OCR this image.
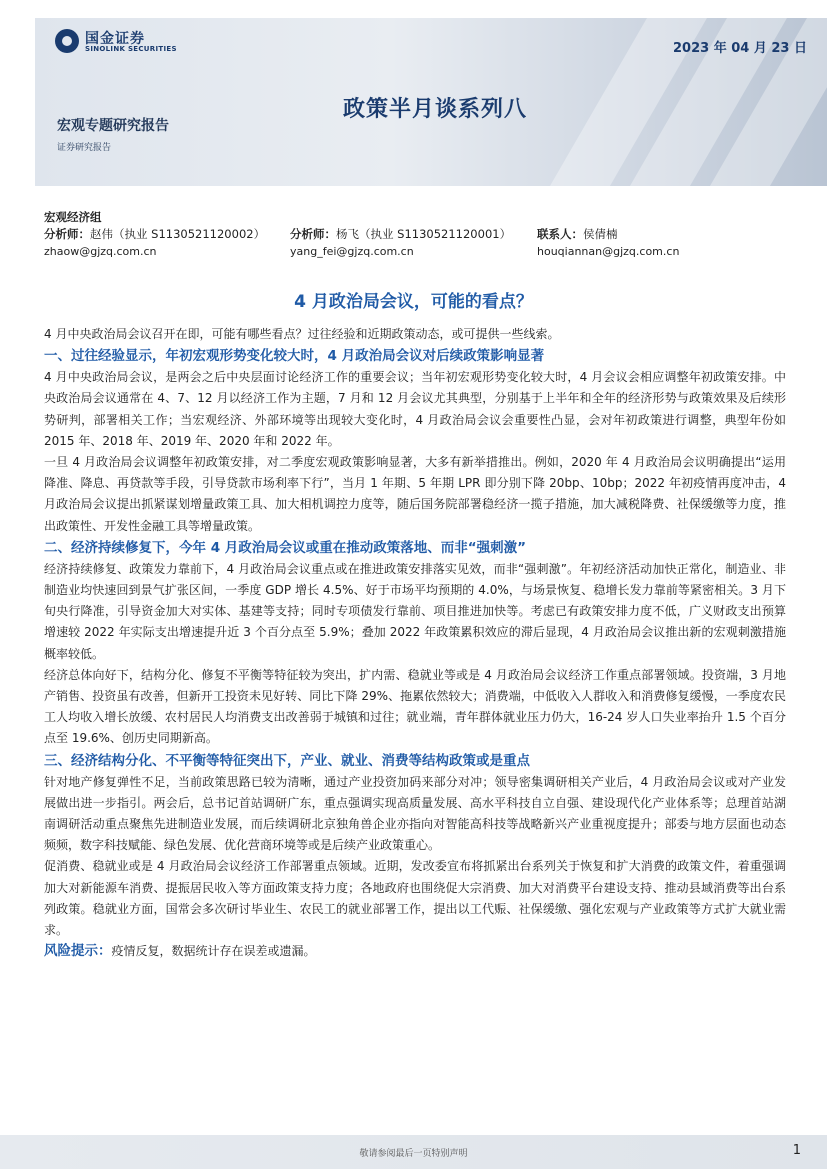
国金证券
SINOLINK SECURITIES	2023 年 04 月 23 日
政策半月谈系列八
宏观专题研究报告
证券研究报告
宏观经济组
分析师：赵伟（执业 S1130521120002） 分析师：杨飞（执业 S1130521120001） 联系人：侯倩楠
zhaow@gjzq.com.cn	yang_fei@gjzq.com.cn	houqiannan@gjzq.com.cn
4 月政治局会议，可能的看点？

4 月中央政治局会议召开在即，可能有哪些看点？过往经验和近期政策动态，或可提供一些线索。

一、过往经验显示，年初宏观形势变化较大时，4 月政治局会议对后续政策影响显著

4 月中央政治局会议，是两会之后中央层面讨论经济工作的重要会议；当年初宏观形势变化较大时，4 月会议会相应调整年初政策安排。中央政治局会议通常在 4、7、12 月以经济工作为主题，7 月和 12 月会议尤其典型，分别基于上半年和全年的经济形势与政策效果及后续形势研判，部署相关工作；当宏观经济、外部环境等出现较大变化时，4 月政治局会议会重要性凸显，会对年初政策进行调整，典型年份如 2015 年、2018 年、2019 年、2020 年和 2022 年。

一旦 4 月政治局会议调整年初政策安排，对二季度宏观政策影响显著，大多有新举措推出。例如，2020 年 4 月政治局会议明确提出“运用降准、降息、再贷款等手段，引导贷款市场利率下行”，当月 1 年期、5 年期 LPR 即分别下降 20bp、10bp；2022 年初疫情再度冲击，4 月政治局会议提出抓紧谋划增量政策工具、加大相机调控力度等，随后国务院部署稳经济一揽子措施，加大减税降费、社保缓缴等力度，推出政策性、开发性金融工具等增量政策。

二、经济持续修复下，今年 4 月政治局会议或重在推动政策落地、而非“强刺激”

经济持续修复、政策发力靠前下，4 月政治局会议重点或在推进政策安排落实见效，而非“强刺激”。年初经济活动加快正常化，制造业、非制造业均快速回到景气扩张区间，一季度 GDP 增长 4.5%、好于市场平均预期的 4.0%，与场景恢复、稳增长发力靠前等紧密相关。3 月下旬央行降准，引导资金加大对实体、基建等支持；同时专项债发行靠前、项目推进加快等。考虑已有政策安排力度不低，广义财政支出预算增速较 2022 年实际支出增速提升近 3 个百分点至 5.9%；叠加 2022 年政策累积效应的滞后显现，4 月政治局会议推出新的宏观刺激措施概率较低。

经济总体向好下，结构分化、修复不平衡等特征较为突出，扩内需、稳就业等或是 4 月政治局会议经济工作重点部署领域。投资端，3 月地产销售、投资虽有改善，但新开工投资未见好转、同比下降 29%、拖累依然较大；消费端，中低收入人群收入和消费修复缓慢，一季度农民工人均收入增长放缓、农村居民人均消费支出改善弱于城镇和过往；就业端，青年群体就业压力仍大，16-24 岁人口失业率抬升 1.5 个百分点至 19.6%、创历史同期新高。

三、经济结构分化、不平衡等特征突出下，产业、就业、消费等结构政策或是重点

针对地产修复弹性不足，当前政策思路已较为清晰，通过产业投资加码来部分对冲；领导密集调研相关产业后，4 月政治局会议或对产业发展做出进一步指引。两会后，总书记首站调研广东，重点强调实现高质量发展、高水平科技自立自强、建设现代化产业体系等；总理首站湖南调研活动重点聚焦先进制造业发展，而后续调研北京独角兽企业亦指向对智能高科技等战略新兴产业重视度提升；部委与地方层面也动态频频，数字科技赋能、绿色发展、优化营商环境等或是后续产业政策重心。

促消费、稳就业或是 4 月政治局会议经济工作部署重点领域。近期，发改委宣布将抓紧出台系列关于恢复和扩大消费的政策文件，着重强调加大对新能源车消费、提振居民收入等方面政策支持力度；各地政府也围绕促大宗消费、加大对消费平台建设支持、推动县域消费等出台系列政策。稳就业方面，国常会多次研讨毕业生、农民工的就业部署工作，提出以工代赈、社保缓缴、强化宏观与产业政策等方式扩大就业需求。

风险提示：疫情反复，数据统计存在误差或遗漏。

敬请参阅最后一页特别声明	1
